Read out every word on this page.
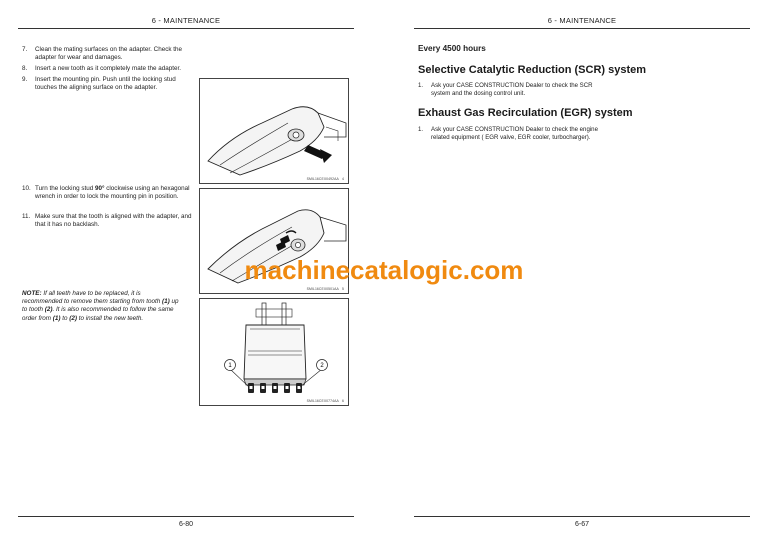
6 - MAINTENANCE
7.	Clean the mating surfaces on the adapter. Check the adapter for wear and damages.
8.	Insert a new tooth as it completely mate the adapter.
9.	Insert the mounting pin. Push until the locking stud touches the aligning surface on the adapter.
10. Turn the locking stud 90° clockwise using an hexagonal wrench in order to lock the mounting pin in position.
11. Make sure that the tooth is aligned with the adapter, and that it has no backlash.
NOTE: If all teeth have to be replaced, it is recommended to remove them starting from tooth (1) up to tooth (2). It is also recommended to follow the same order from (1) to (2) to install the new teeth.
SMIL16CEX0492AA 4
SMIL16CEX0501AA 5
1	2
SMIL16CEX0774AA 6
6-80
6 - MAINTENANCE
Every 4500 hours
Selective Catalytic Reduction (SCR) system
1.	Ask your CASE CONSTRUCTION Dealer to check the SCR system and the dosing control unit.
Exhaust Gas Recirculation (EGR) system
1.	Ask your CASE CONSTRUCTION Dealer to check the engine related equipment ( EGR valve, EGR cooler, turbocharger).
6-67
machinecatalogic.com
